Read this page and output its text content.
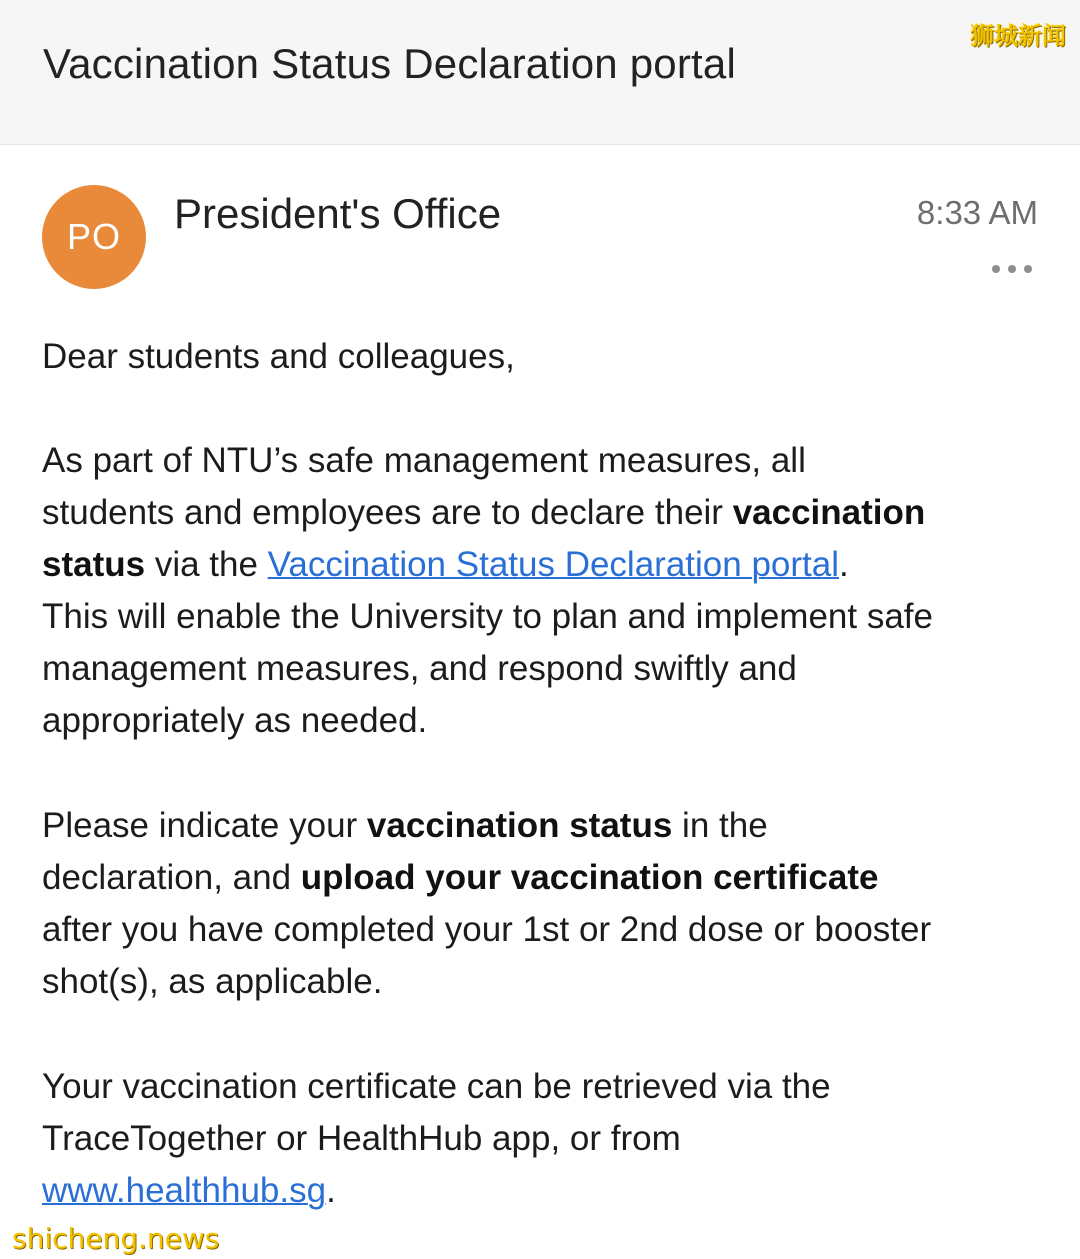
Vaccination Status Declaration portal
狮城新闻
PO President's Office	8:33 AM
Dear students and colleagues,
As part of NTU’s safe management measures, all
students and employees are to declare their vaccination
status via the Vaccination Status Declaration portal.
This will enable the University to plan and implement safe
management measures, and respond swiftly and
appropriately as needed.
Please indicate your vaccination status in the
declaration, and upload your vaccination certificate
after you have completed your 1st or 2nd dose or booster
shot(s), as applicable.
Your vaccination certificate can be retrieved via the
TraceTogether or HealthHub app, or from
www.healthhub.sg.
shicheng.news
